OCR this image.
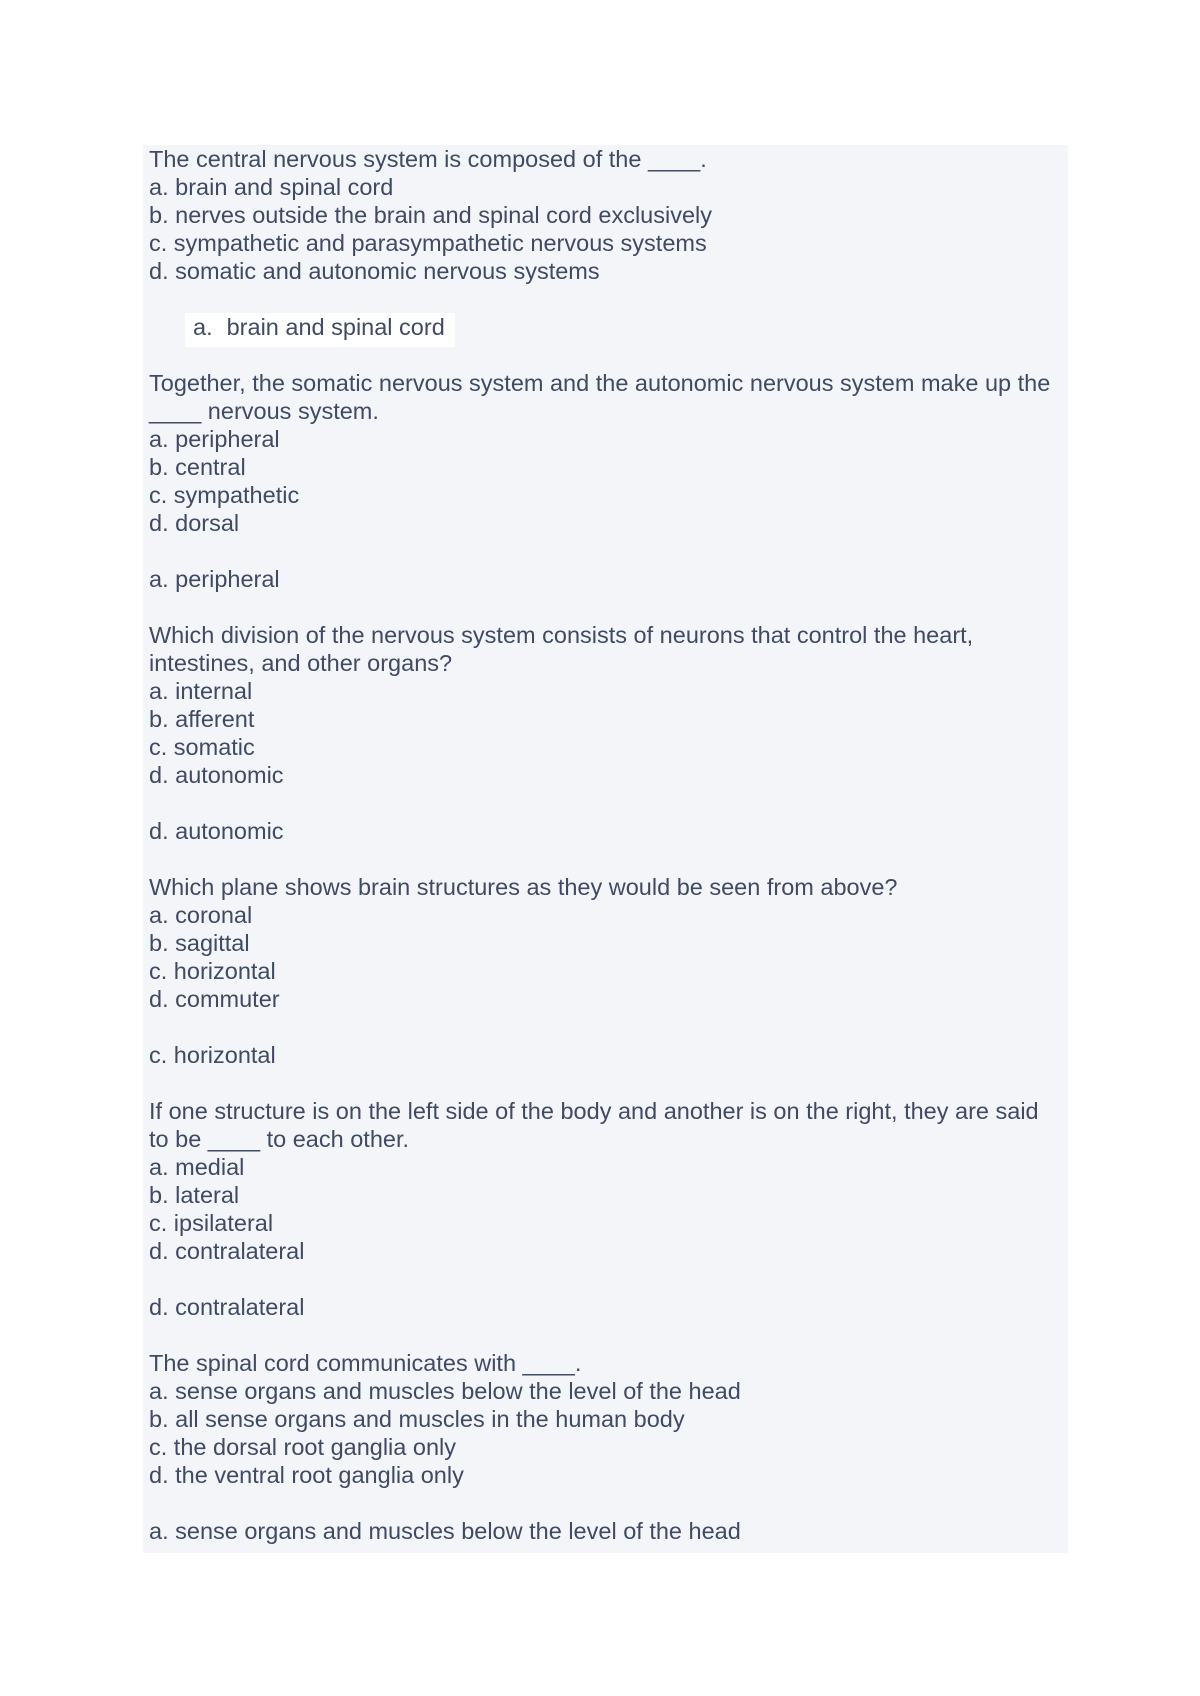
The central nervous system is composed of the ____.
a. brain and spinal cord
b. nerves outside the brain and spinal cord exclusively
c. sympathetic and parasympathetic nervous systems
d. somatic and autonomic nervous systems
a. brain and spinal cord
Together, the somatic nervous system and the autonomic nervous system make up the ____ nervous system.
a. peripheral
b. central
c. sympathetic
d. dorsal
a. peripheral
Which division of the nervous system consists of neurons that control the heart, intestines, and other organs?
a. internal
b. afferent
c. somatic
d. autonomic
d. autonomic
Which plane shows brain structures as they would be seen from above?
a. coronal
b. sagittal
c. horizontal
d. commuter
c. horizontal
If one structure is on the left side of the body and another is on the right, they are said to be ____ to each other.
a. medial
b. lateral
c. ipsilateral
d. contralateral
d. contralateral
The spinal cord communicates with ____.
a. sense organs and muscles below the level of the head
b. all sense organs and muscles in the human body
c. the dorsal root ganglia only
d. the ventral root ganglia only
a. sense organs and muscles below the level of the head
